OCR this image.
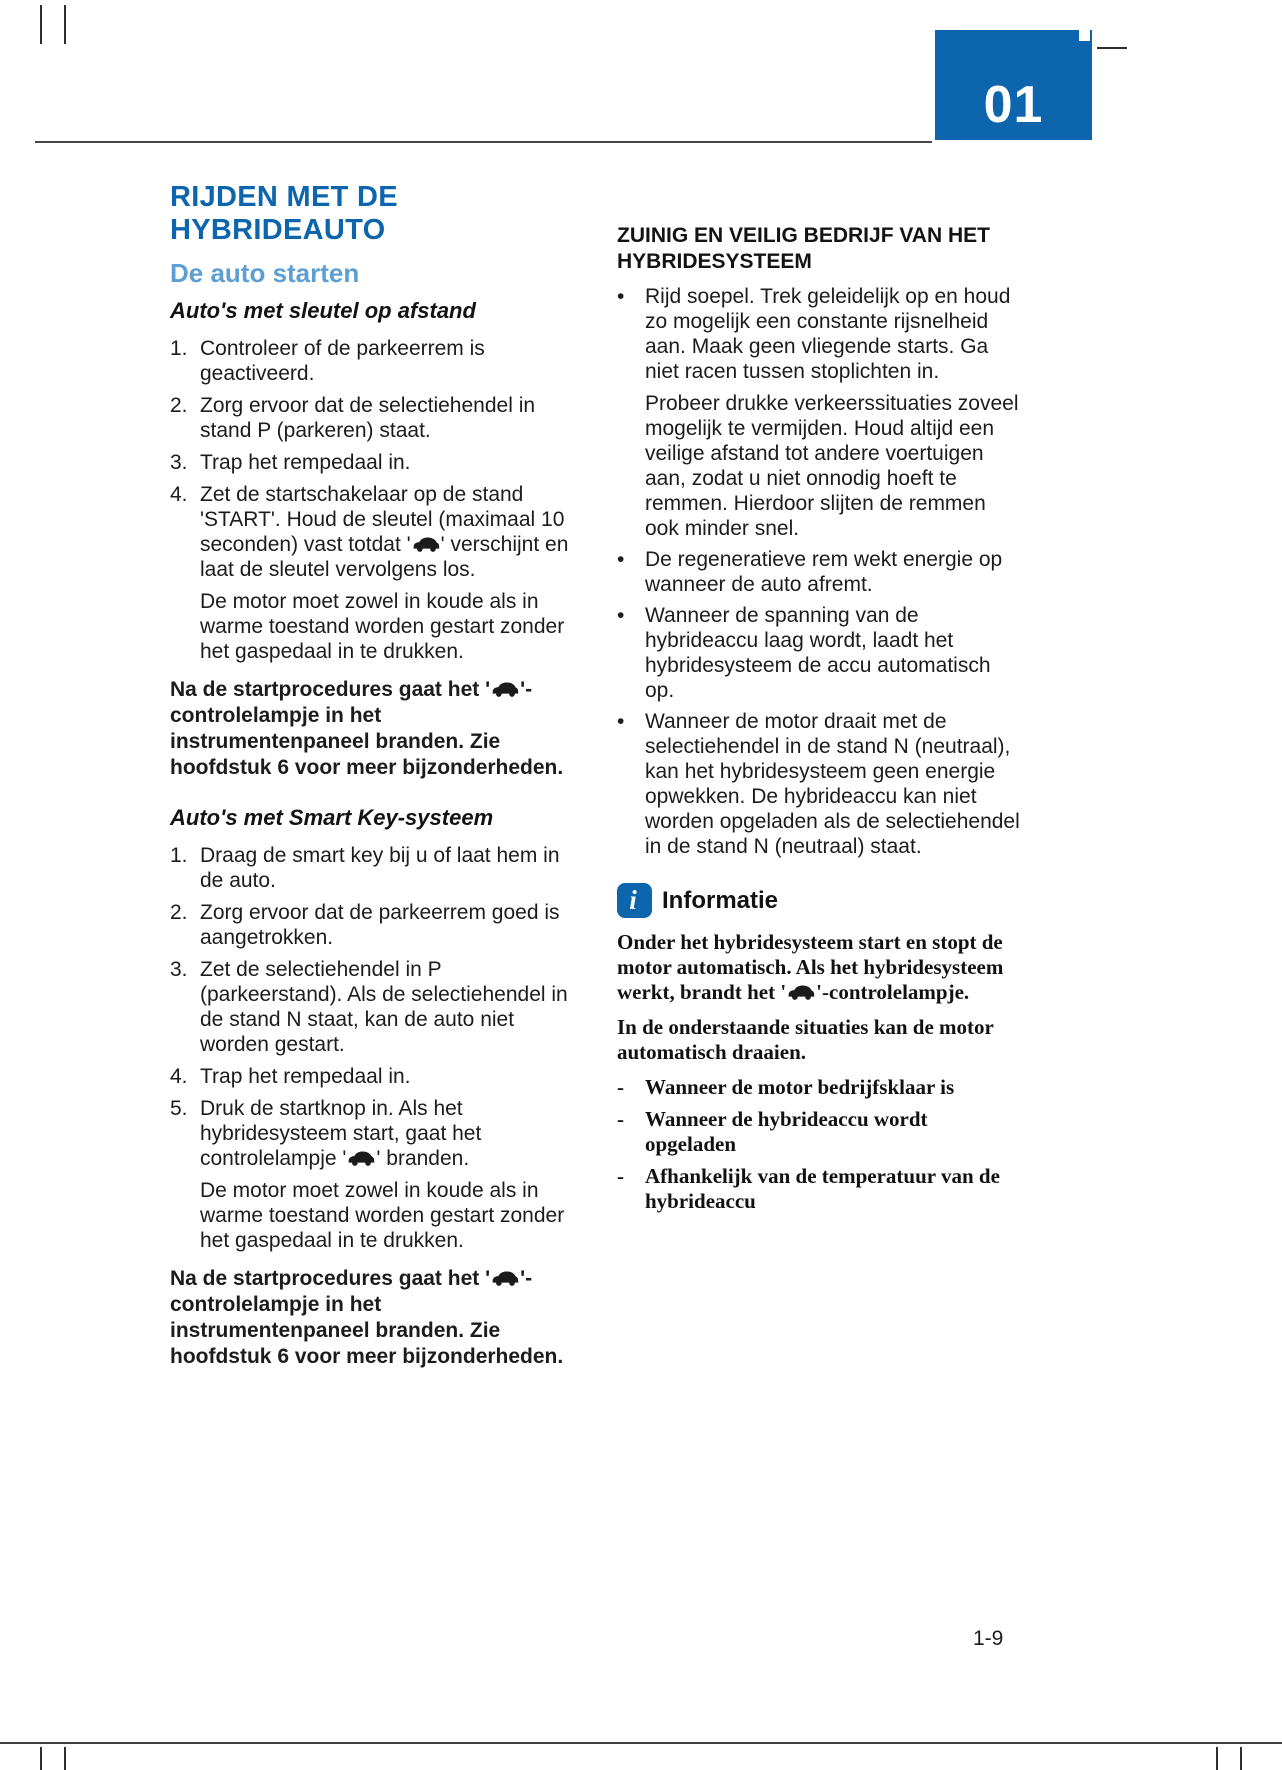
01
RIJDEN MET DE HYBRIDEAUTO
De auto starten
Auto's met sleutel op afstand
1. Controleer of de parkeerrem is geactiveerd.
2. Zorg ervoor dat de selectiehendel in stand P (parkeren) staat.
3. Trap het rempedaal in.
4. Zet de startschakelaar op de stand 'START'. Houd de sleutel (maximaal 10 seconden) vast totdat ' ' verschijnt en laat de sleutel vervolgens los.

De motor moet zowel in koude als in warme toestand worden gestart zonder het gaspedaal in te drukken.

Na de startprocedures gaat het ' '-controlelampje in het instrumentenpaneel branden. Zie hoofdstuk 6 voor meer bijzonderheden.

Auto's met Smart Key-systeem
1. Draag de smart key bij u of laat hem in de auto.
2. Zorg ervoor dat de parkeerrem goed is aangetrokken.
3. Zet de selectiehendel in P (parkeerstand). Als de selectiehendel in de stand N staat, kan de auto niet worden gestart.
4. Trap het rempedaal in.
5. Druk de startknop in. Als het hybridesysteem start, gaat het controlelampje ' ' branden.

De motor moet zowel in koude als in warme toestand worden gestart zonder het gaspedaal in te drukken.

Na de startprocedures gaat het ' '-controlelampje in het instrumentenpaneel branden. Zie hoofdstuk 6 voor meer bijzonderheden.

ZUINIG EN VEILIG BEDRIJF VAN HET HYBRIDESYSTEEM
• Rijd soepel. Trek geleidelijk op en houd zo mogelijk een constante rijsnelheid aan. Maak geen vliegende starts. Ga niet racen tussen stoplichten in.

Probeer drukke verkeerssituaties zoveel mogelijk te vermijden. Houd altijd een veilige afstand tot andere voertuigen aan, zodat u niet onnodig hoeft te remmen. Hierdoor slijten de remmen ook minder snel.

• De regeneratieve rem wekt energie op wanneer de auto afremt.
• Wanneer de spanning van de hybrideaccu laag wordt, laadt het hybridesysteem de accu automatisch op.
• Wanneer de motor draait met de selectiehendel in de stand N (neutraal), kan het hybridesysteem geen energie opwekken. De hybrideaccu kan niet worden opgeladen als de selectiehendel in de stand N (neutraal) staat.
i Informatie

Onder het hybridesysteem start en stopt de motor automatisch. Als het hybridesysteem werkt, brandt het ' '-controlelampje.

In de onderstaande situaties kan de motor automatisch draaien.

-	Wanneer de motor bedrijfsklaar is
-	Wanneer de hybrideaccu wordt opgeladen
-	Afhankelijk van de temperatuur van de hybrideaccu
1-9
